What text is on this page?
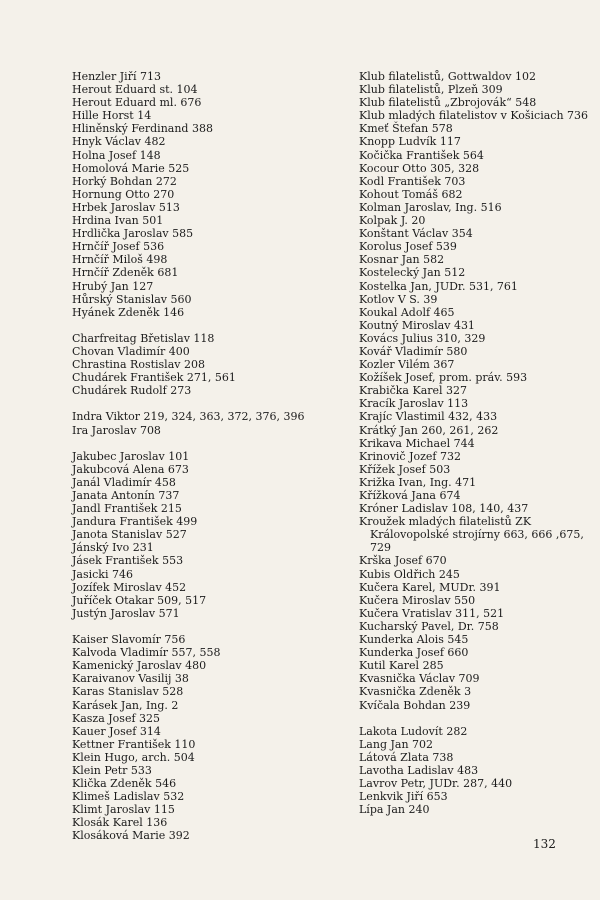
Henzler Jiří 713
Herout Eduard st. 104
Herout Eduard ml. 676
Hille Horst 14
Hliněnský Ferdinand 388
Hnyk Václav 482
Holna Josef 148
Homolová Marie 525
Horký Bohdan 272
Hornung Otto 270
Hrbek Jaroslav 513
Hrdina Ivan 501
Hrdlička Jaroslav 585
Hrnčíř Josef 536
Hrnčíř Miloš 498
Hrnčíř Zdeněk 681
Hrubý Jan 127
Hůrský Stanislav 560
Hyánek Zdeněk 146
Charfreitag Břetislav 118
Chovan Vladimír 400
Chrastina Rostislav 208
Chudárek František 271, 561
Chudárek Rudolf 273
Indra Viktor 219, 324, 363, 372, 376, 396
Ira Jaroslav 708
Jakubec Jaroslav 101
Jakubcová Alena 673
Janál Vladimír 458
Janata Antonín 737
Jandl František 215
Jandura František 499
Janota Stanislav 527
Jánský Ivo 231
Jásek František 553
Jasicki 746
Jozífek Miroslav 452
Juříček Otakar 509, 517
Justýn Jaroslav 571
Kaiser Slavomír 756
Kalvoda Vladimír 557, 558
Kamenický Jaroslav 480
Karaivanov Vasilij 38
Karas Stanislav 528
Karásek Jan, Ing. 2
Kasza Josef 325
Kauer Josef 314
Kettner František 110
Klein Hugo, arch. 504
Klein Petr 533
Klička Zdeněk 546
Klimeš Ladislav 532
Klimt Jaroslav 115
Klosák Karel 136
Klosáková Marie 392
Klub filatelistů, Gottwaldov 102
Klub filatelistů, Plzeň 309
Klub filatelistů „Zbrojovák“ 548
Klub mladých filatelistov v Košiciach 736
Kmeť Štefan 578
Knopp Ludvík 117
Kočička František 564
Kocour Otto 305, 328
Kodl František 703
Kohout Tomáš 682
Kolman Jaroslav, Ing. 516
Kolpak J. 20
Konštant Václav 354
Korolus Josef 539
Kosnar Jan 582
Kostelecký Jan 512
Kostelka Jan, JUDr. 531, 761
Kotlov V S. 39
Koukal Adolf 465
Koutný Miroslav 431
Kovács Julius 310, 329
Kovář Vladimír 580
Kozler Vilém 367
Kožíšek Josef, prom. práv. 593
Krabička Karel 327
Kracík Jaroslav 113
Krajíc Vlastimil 432, 433
Krátký Jan 260, 261, 262
Krikava Michael 744
Krinovič Jozef 732
Křížek Josef 503
Križka Ivan, Ing. 471
Křížková Jana 674
Króner Ladislav 108, 140, 437
Kroužek mladých filatelistů ZK Královopolské strojírny 663, 666 ,675, 729
Krška Josef 670
Kubis Oldřich 245
Kučera Karel, MUDr. 391
Kučera Miroslav 550
Kučera Vratislav 311, 521
Kucharský Pavel, Dr. 758
Kunderka Alois 545
Kunderka Josef 660
Kutil Karel 285
Kvasnička Václav 709
Kvasnička Zdeněk 3
Kvíčala Bohdan 239
Lakota Ludovít 282
Lang Jan 702
Látová Zlata 738
Lavotha Ladislav 483
Lavrov Petr, JUDr. 287, 440
Lenkvik Jiří 653
Lípa Jan 240
132
